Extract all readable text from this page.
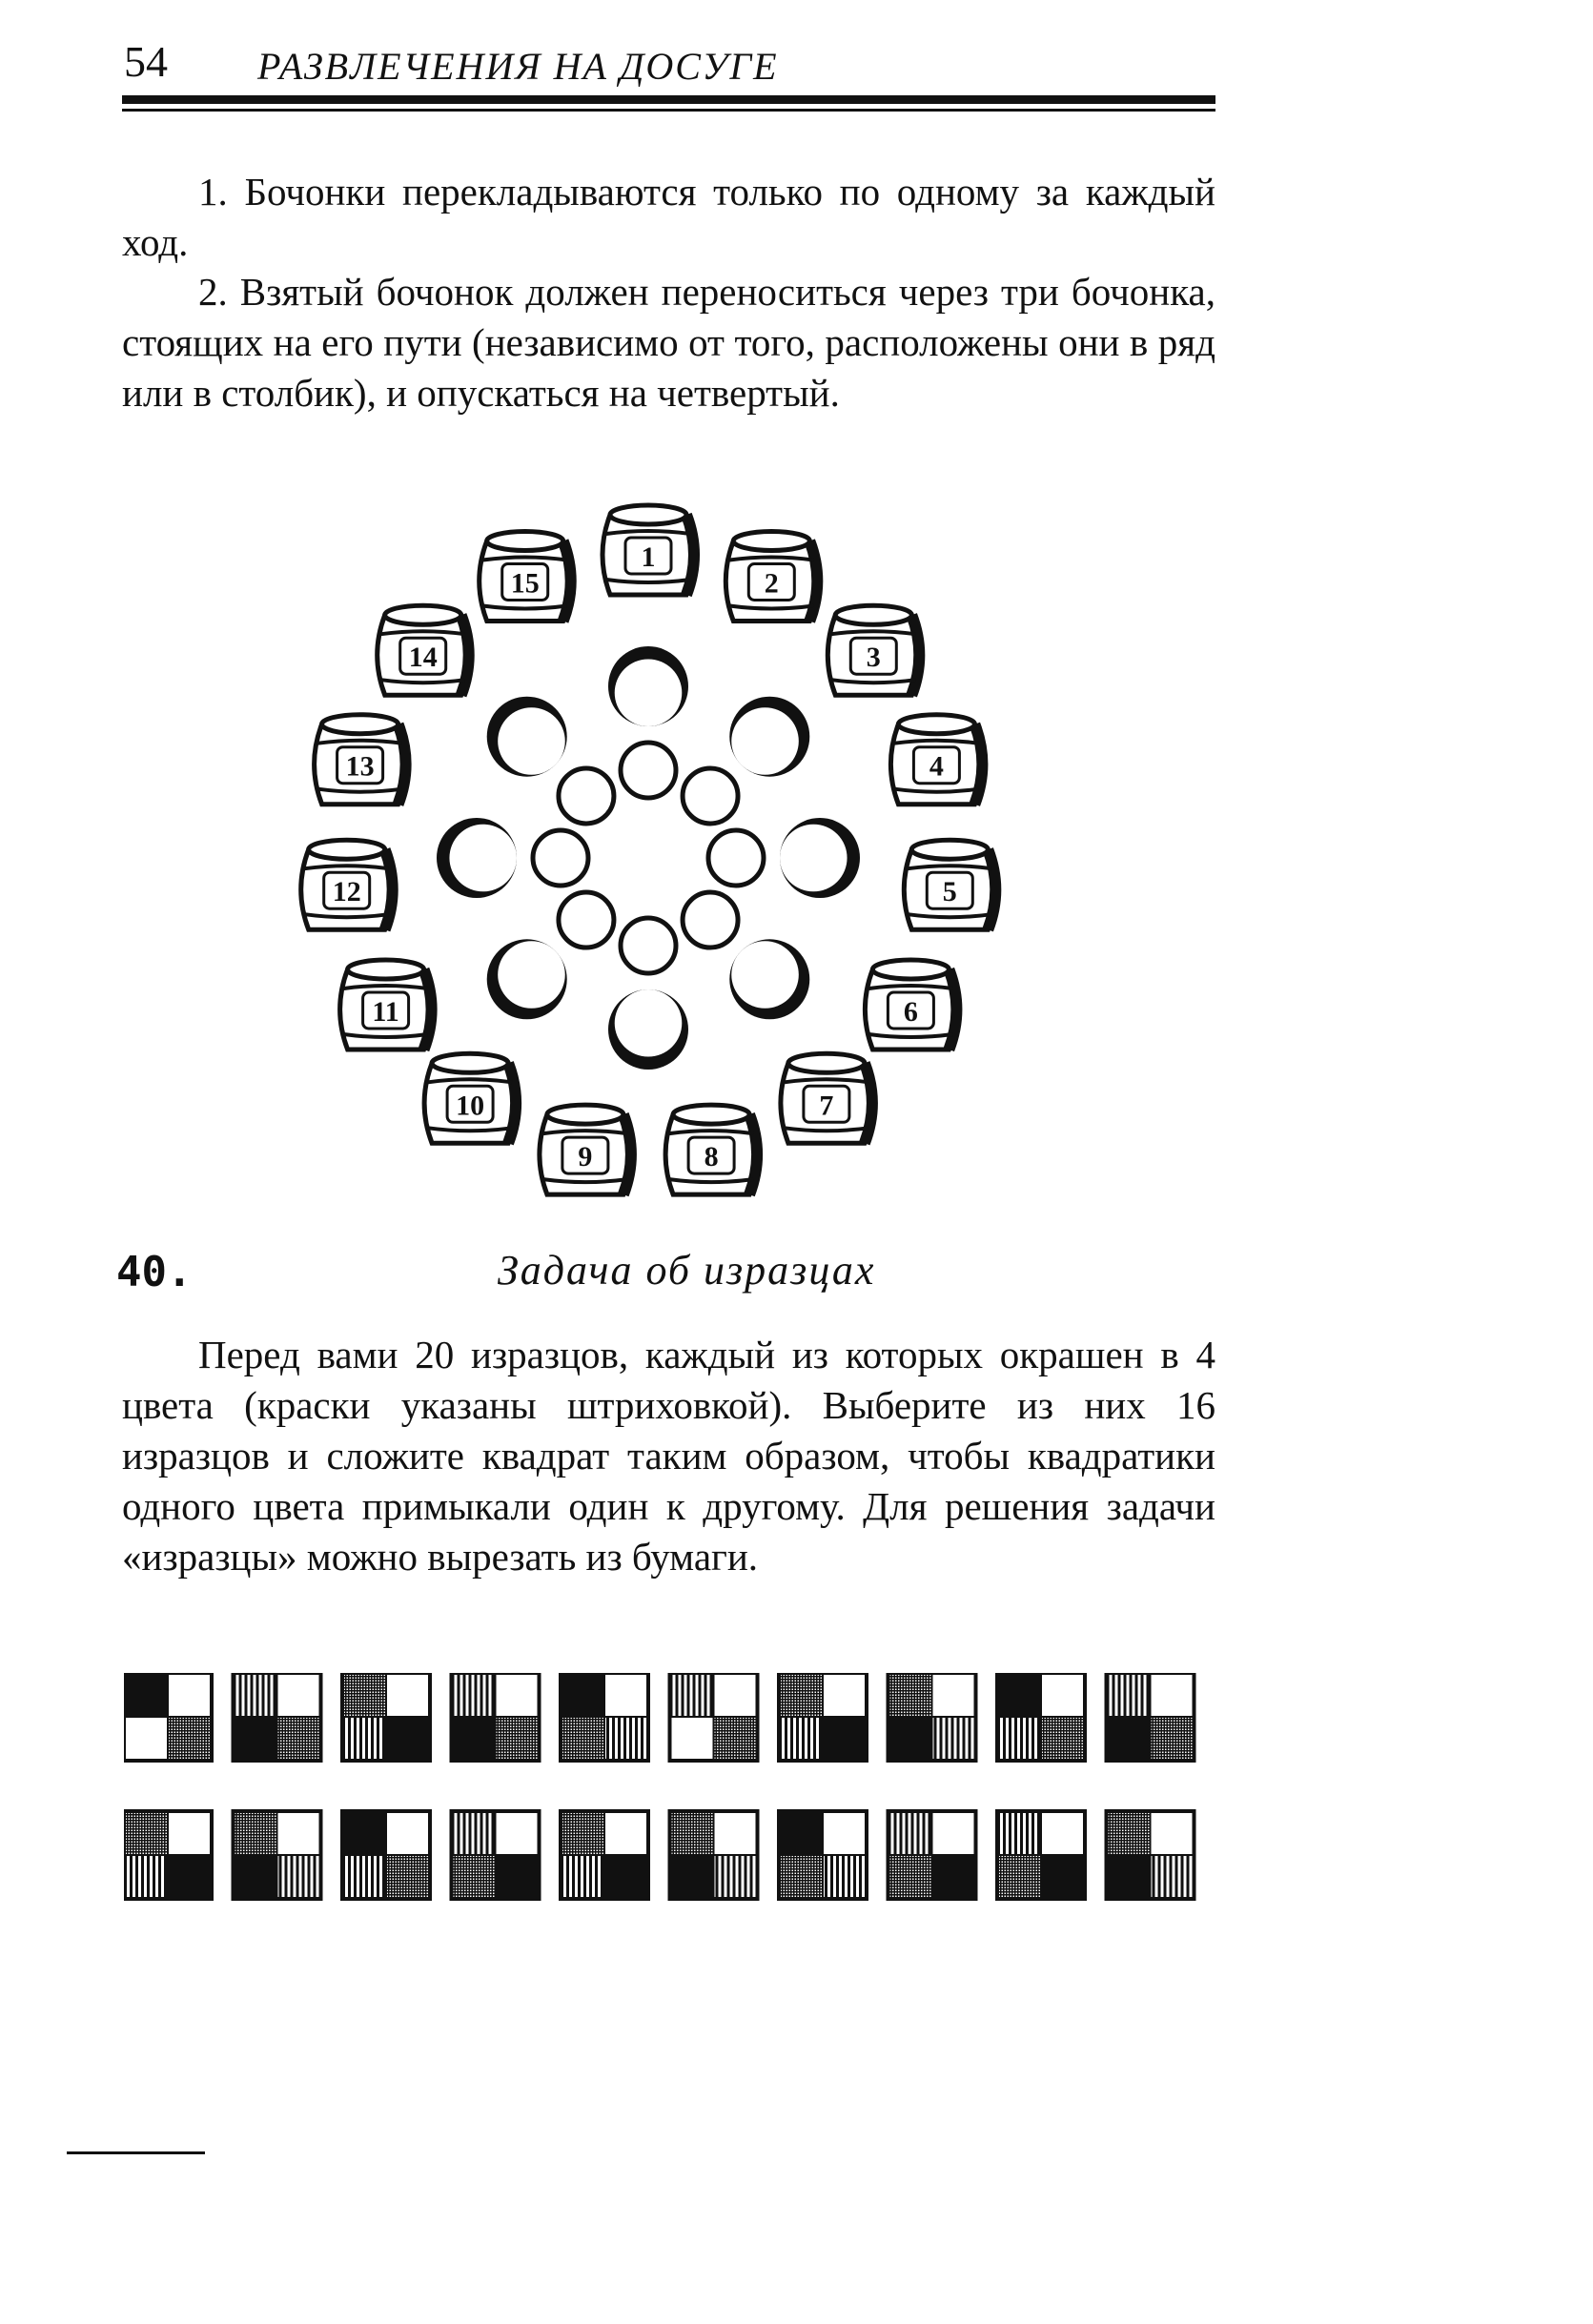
54 РАЗВЛЕЧЕНИЯ НА ДОСУГЕ

1. Бочонки перекладываются только по одному за каждый ход.

2. Взятый бочонок должен переноситься через три бочонка, стоящих на его пути (независимо от того, расположены они в ряд или в столбик), и опускаться на четвертый.

1
2
3
4
5
6
7
8
9
10
11
12
13
14
15
40.	Задача об изразцах

Перед вами 20 изразцов, каждый из которых окрашен в 4 цвета (краски указаны штриховкой). Выберите из них 16 изразцов и сложите квадрат таким образом, чтобы квадратики одного цвета примыкали один к другому. Для решения задачи «изразцы» можно вырезать из бумаги.
